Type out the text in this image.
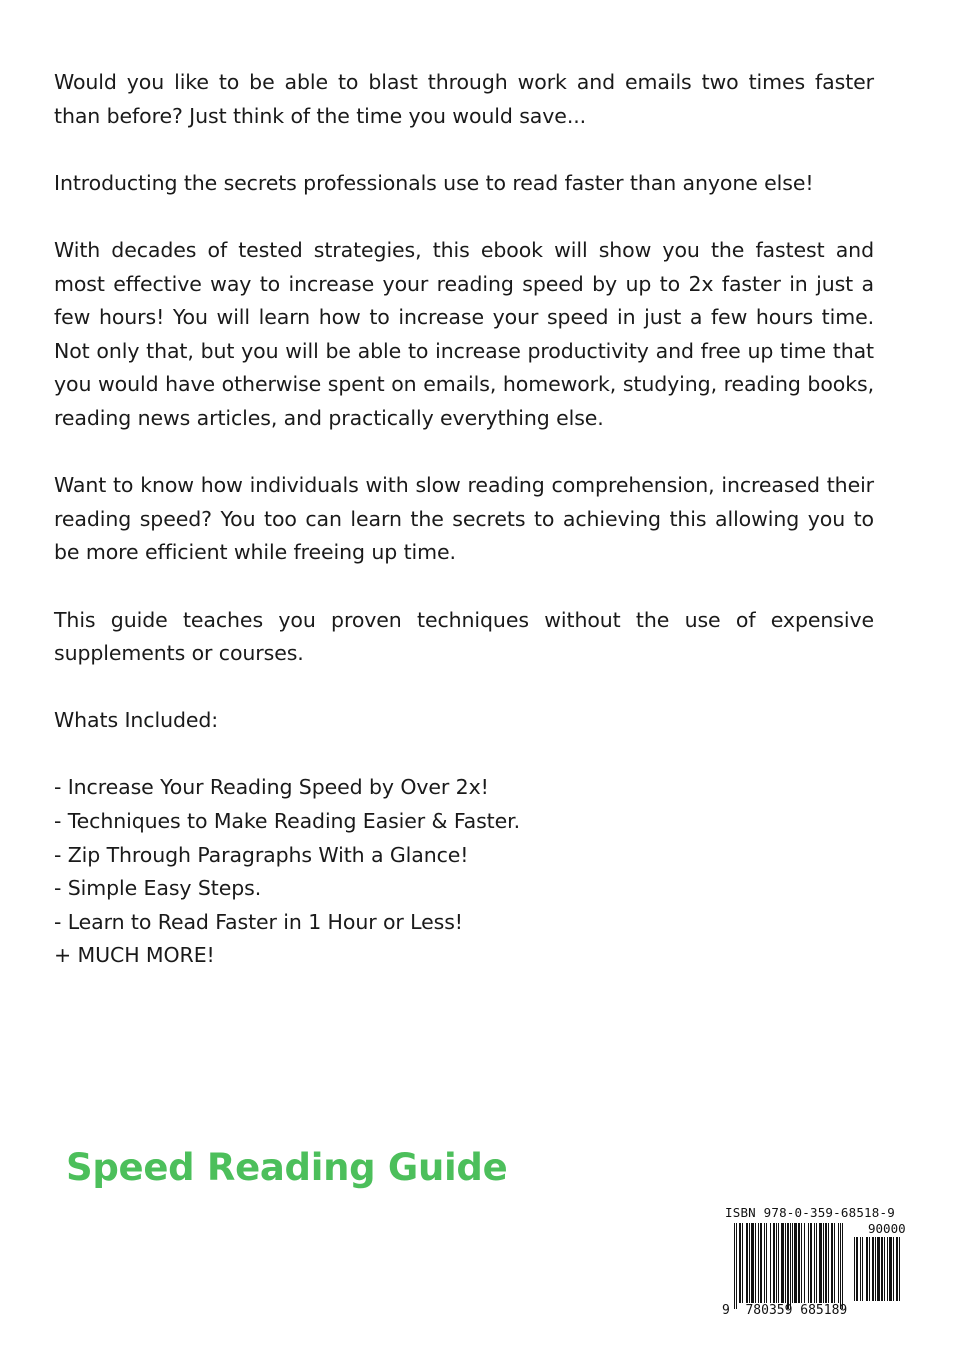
Would you like to be able to blast through work and emails two times faster than before? Just think of the time you would save...

Introducting the secrets professionals use to read faster than anyone else!

With decades of tested strategies, this ebook will show you the fastest and most effective way to increase your reading speed by up to 2x faster in just a few hours! You will learn how to increase your speed in just a few hours time. Not only that, but you will be able to increase productivity and free up time that you would have otherwise spent on emails, homework, studying, reading books, reading news articles, and practically everything else.

Want to know how individuals with slow reading comprehension, increased their reading speed? You too can learn the secrets to achieving this allowing you to be more efficient while freeing up time.

This guide teaches you proven techniques without the use of expensive supplements or courses.

Whats Included:

- Increase Your Reading Speed by Over 2x!
- Techniques to Make Reading Easier & Faster.
- Zip Through Paragraphs With a Glance!
- Simple Easy Steps.
- Learn to Read Faster in 1 Hour or Less!
+ MUCH MORE!
Speed Reading Guide
ISBN 978-0-359-68518-9
90000
9 780359 685189
